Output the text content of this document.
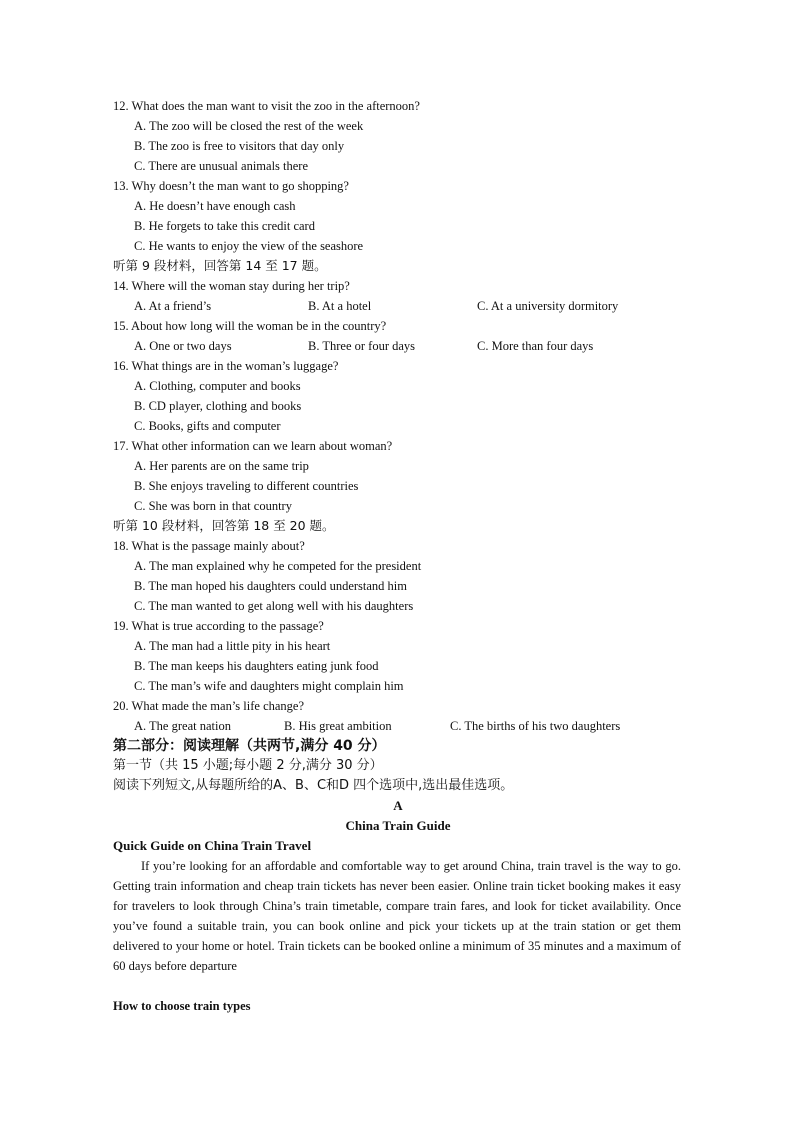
12. What does the man want to visit the zoo in the afternoon?
A. The zoo will be closed the rest of the week
B. The zoo is free to visitors that day only
C. There are unusual animals there
13. Why doesn’t the man want to go shopping?
A. He doesn’t have enough cash
B. He forgets to take this credit card
C. He wants to enjoy the view of the seashore
听第 9 段材料，回答第 14 至 17 题。
14. Where will the woman stay during her trip?
A. At a friend’s	B. At a hotel	C. At a university dormitory
15. About how long will the woman be in the country?
A. One or two days	B. Three or four days	C. More than four days
16. What things are in the woman’s luggage?
A. Clothing, computer and books
B. CD player, clothing and books
C. Books, gifts and computer
17. What other information can we learn about woman?
A. Her parents are on the same trip
B. She enjoys traveling to different countries
C. She was born in that country
听第 10 段材料，回答第 18 至 20 题。
18. What is the passage mainly about?
A. The man explained why he competed for the president
B. The man hoped his daughters could understand him
C. The man wanted to get along well with his daughters
19. What is true according to the passage?
A. The man had a little pity in his heart
B. The man keeps his daughters eating junk food
C. The man’s wife and daughters might complain him
20. What made the man’s life change?
A. The great nation	B. His great ambition	C. The births of his two daughters
第二部分：阅读理解（共两节,满分 40 分）
第一节（共 15 小题;每小题 2 分,满分 30 分）
阅读下列短文,从每题所给的A、B、C和D 四个选项中,选出最佳选项。
A
China Train Guide
Quick Guide on China Train Travel
If you’re looking for an affordable and comfortable way to get around China, train travel is the way to go. Getting train information and cheap train tickets has never been easier. Online train ticket booking makes it easy for travelers to look through China’s train timetable, compare train fares, and look for ticket availability. Once you’ve found a suitable train, you can book online and pick your tickets up at the train station or get them delivered to your home or hotel. Train tickets can be booked online a minimum of 35 minutes and a maximum of 60 days before departure
How to choose train types
